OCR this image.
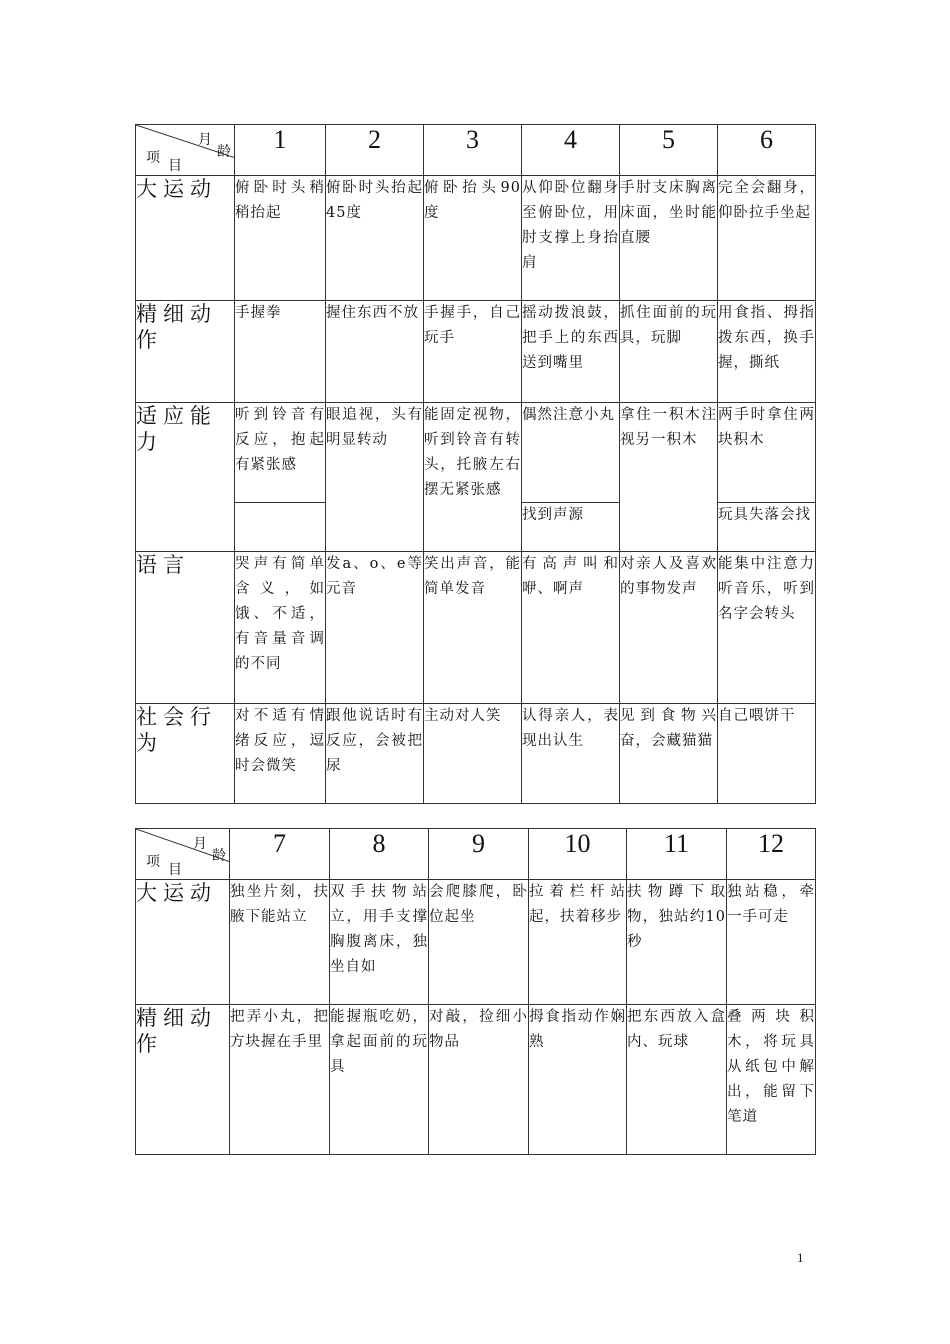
月
龄
项 目	1	2	3	4	5	6
大运动	俯卧时头稍稍抬起	俯卧时头抬起45度	俯卧抬头90度	从仰卧位翻身至俯卧位，用肘支撑上身抬肩	手肘支床胸离床面，坐时能直腰	完全会翻身，仰卧拉手坐起
精细动作	手握拳	握住东西不放	手握手，自己玩手	摇动拨浪鼓，把手上的东西送到嘴里	抓住面前的玩具，玩脚	用食指、拇指拨东西，换手握，撕纸
适应能力	听到铃音有反应，抱起有紧张感	眼追视，头有明显转动	能固定视物，听到铃音有转头，托腋左右摆无紧张感	偶然注意小丸	拿住一积木注视另一积木	两手时拿住两块积木
				找到声源		玩具失落会找
语言	哭声有简单含义，如饿、不适，有音量音调的不同	发a、o、e等元音	笑出声音，能简单发音	有高声叫和咿、啊声	对亲人及喜欢的事物发声	能集中注意力听音乐，听到名字会转头
社会行为	对不适有情绪反应，逗时会微笑	跟他说话时有反应，会被把尿	主动对人笑	认得亲人，表现出认生	见到食物兴奋，会藏猫猫	自己喂饼干
月
龄
项 目	7	8	9	10	11	12
大运动	独坐片刻，扶腋下能站立	双手扶物站立，用手支撑胸腹离床，独坐自如	会爬膝爬，卧位起坐	拉着栏杆站起，扶着移步	扶物蹲下取物，独站约10秒	独站稳，牵一手可走
精细动作	把弄小丸，把方块握在手里	能握瓶吃奶，拿起面前的玩具	对敲，捡细小物品	拇食指动作娴熟	把东西放入盒内、玩球	叠两块积木，将玩具从纸包中解出，能留下笔道
1
